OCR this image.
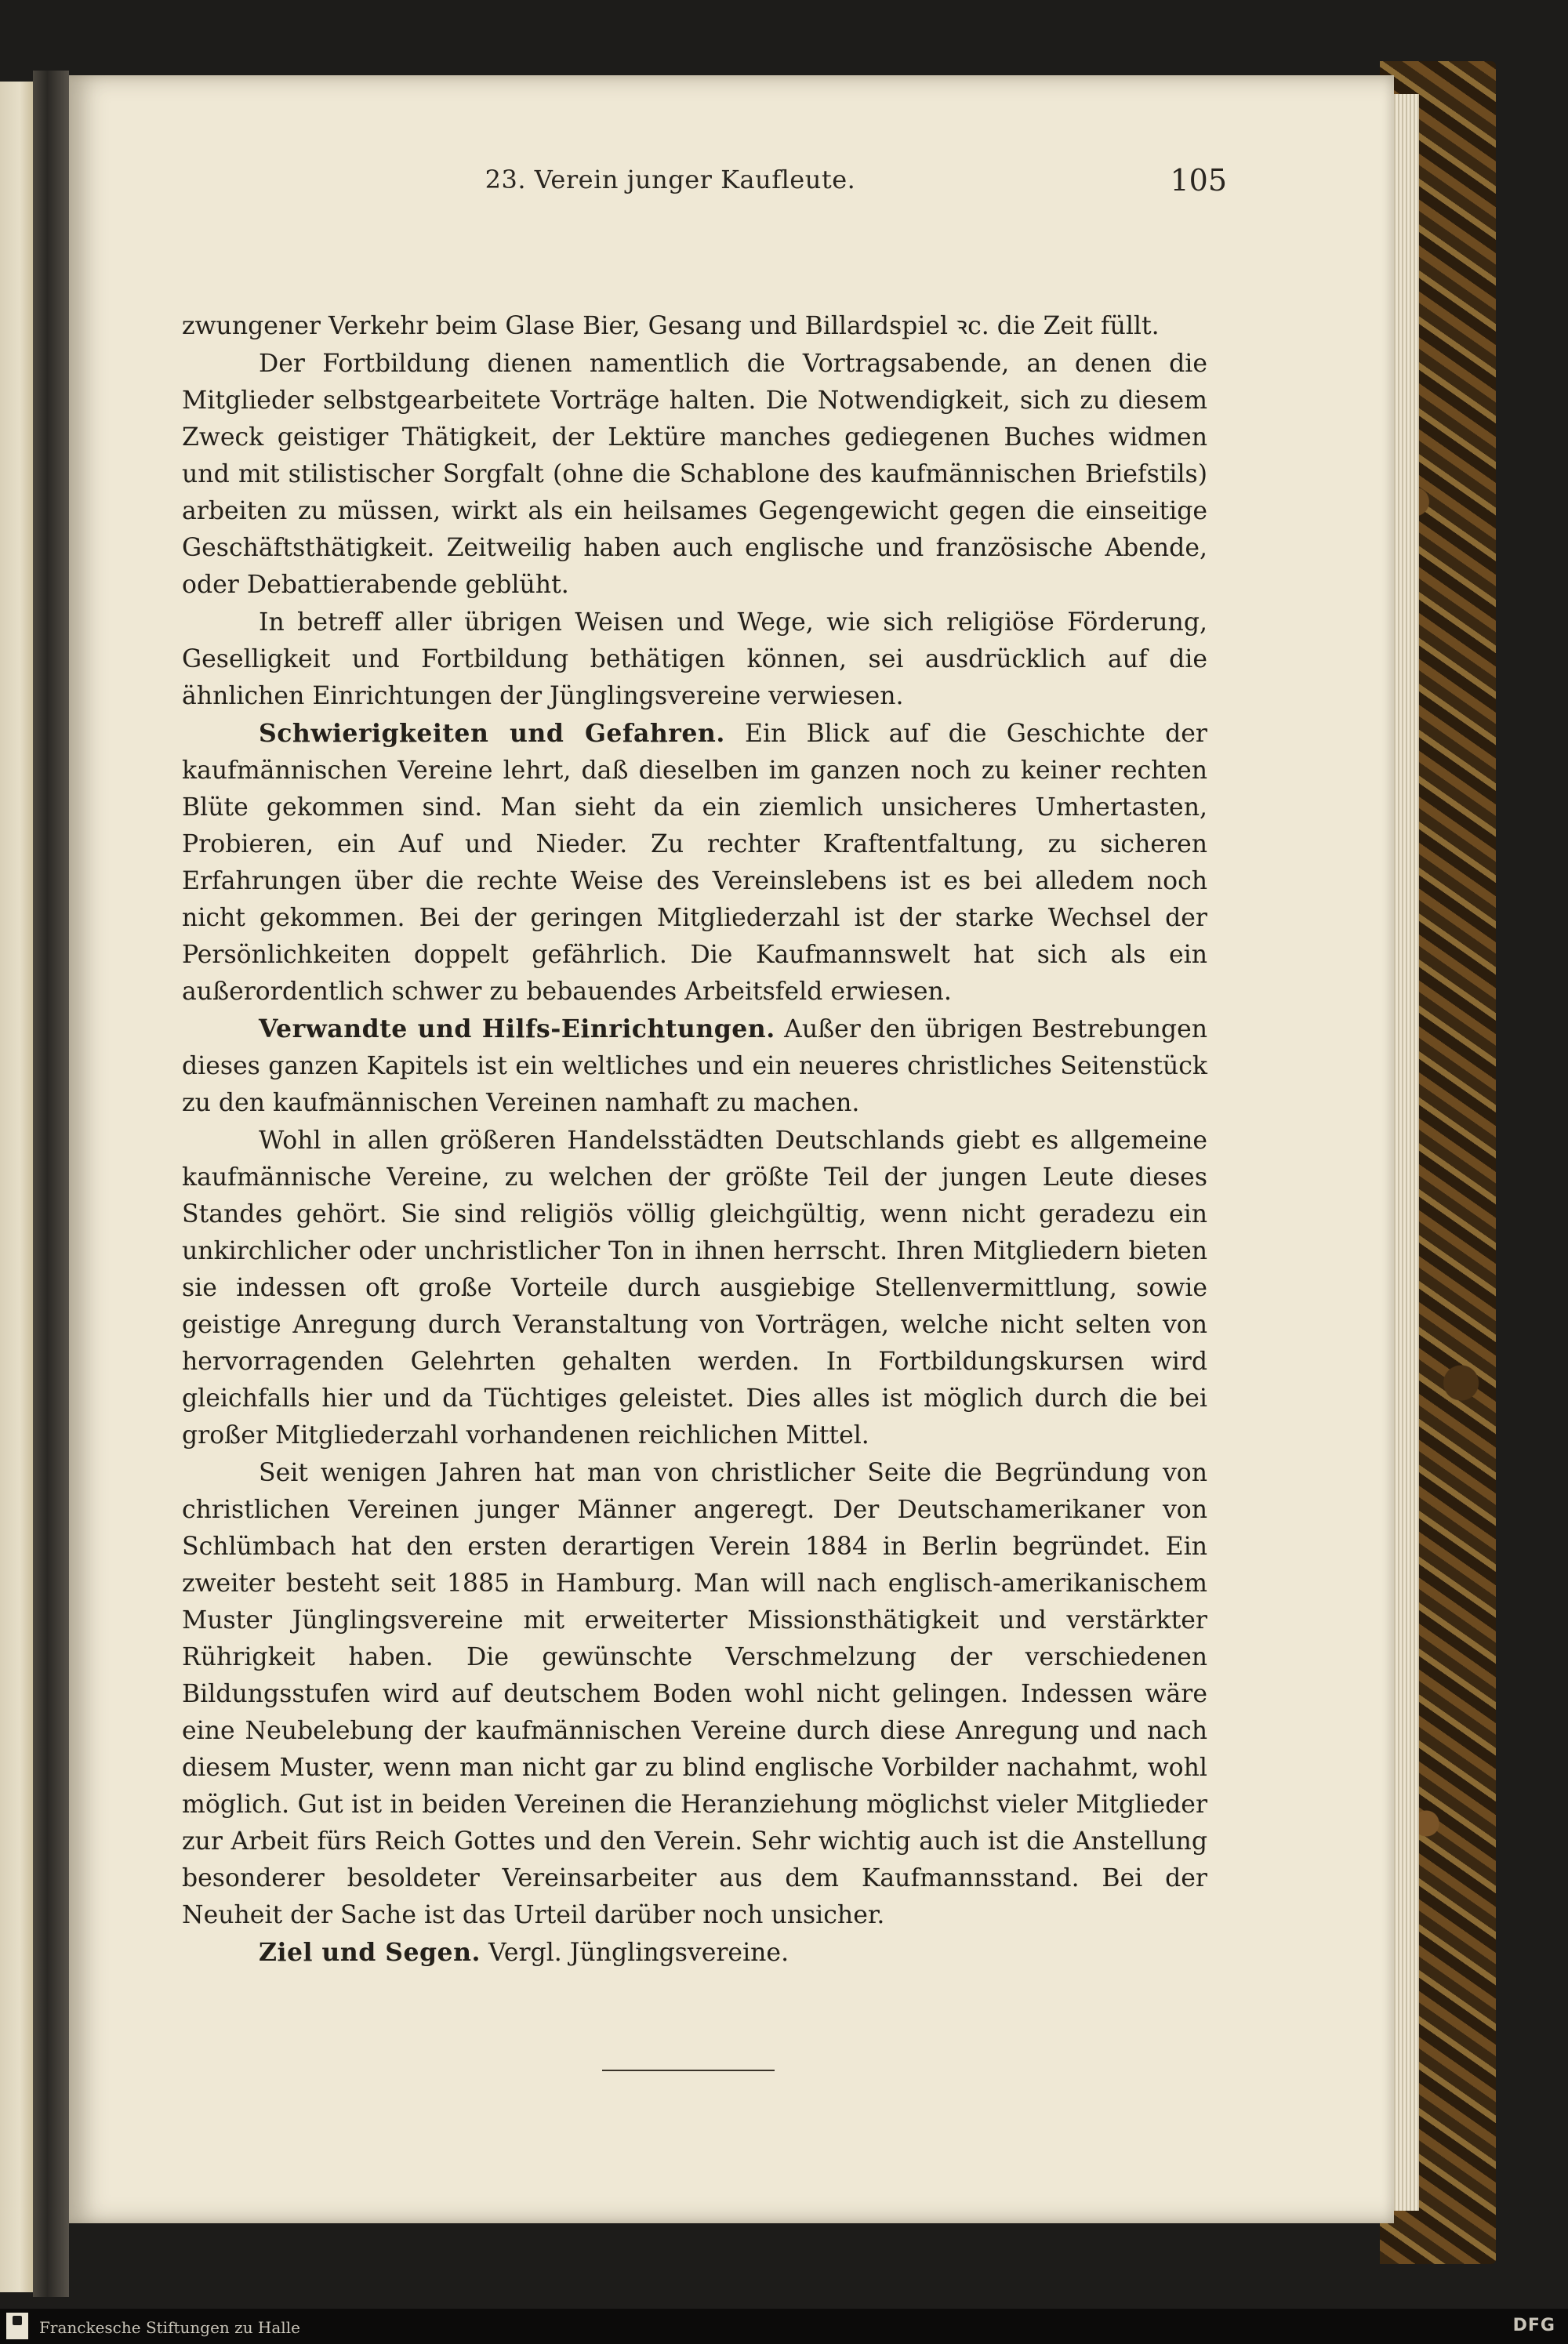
23. Verein junger Kaufleute.	105

zwungener Verkehr beim Glase Bier, Gesang und Billardspiel ꝛc. die Zeit füllt.

Der Fortbildung dienen namentlich die Vortragsabende, an denen die Mitglieder selbstgearbeitete Vorträge halten. Die Notwendigkeit, sich zu diesem Zweck geistiger Thätigkeit, der Lektüre manches gediegenen Buches widmen und mit stilistischer Sorgfalt (ohne die Schablone des kaufmännischen Briefstils) arbeiten zu müssen, wirkt als ein heilsames Gegengewicht gegen die einseitige Geschäftsthätigkeit. Zeitweilig haben auch englische und französische Abende, oder Debattierabende geblüht.

In betreff aller übrigen Weisen und Wege, wie sich religiöse Förderung, Geselligkeit und Fortbildung bethätigen können, sei ausdrücklich auf die ähnlichen Einrichtungen der Jünglingsvereine verwiesen.

Schwierigkeiten und Gefahren. Ein Blick auf die Geschichte der kaufmännischen Vereine lehrt, daß dieselben im ganzen noch zu keiner rechten Blüte gekommen sind. Man sieht da ein ziemlich unsicheres Umhertasten, Probieren, ein Auf und Nieder. Zu rechter Kraftentfaltung, zu sicheren Erfahrungen über die rechte Weise des Vereinslebens ist es bei alledem noch nicht gekommen. Bei der geringen Mitgliederzahl ist der starke Wechsel der Persönlichkeiten doppelt gefährlich. Die Kaufmannswelt hat sich als ein außerordentlich schwer zu bebauendes Arbeitsfeld erwiesen.

Verwandte und Hilfs-Einrichtungen. Außer den übrigen Bestrebungen dieses ganzen Kapitels ist ein weltliches und ein neueres christliches Seitenstück zu den kaufmännischen Vereinen namhaft zu machen.

Wohl in allen größeren Handelsstädten Deutschlands giebt es allgemeine kaufmännische Vereine, zu welchen der größte Teil der jungen Leute dieses Standes gehört. Sie sind religiös völlig gleichgültig, wenn nicht geradezu ein unkirchlicher oder unchristlicher Ton in ihnen herrscht. Ihren Mitgliedern bieten sie indessen oft große Vorteile durch ausgiebige Stellenvermittlung, sowie geistige Anregung durch Veranstaltung von Vorträgen, welche nicht selten von hervorragenden Gelehrten gehalten werden. In Fortbildungskursen wird gleichfalls hier und da Tüchtiges geleistet. Dies alles ist möglich durch die bei großer Mitgliederzahl vorhandenen reichlichen Mittel.

Seit wenigen Jahren hat man von christlicher Seite die Begründung von christlichen Vereinen junger Männer angeregt. Der Deutschamerikaner von Schlümbach hat den ersten derartigen Verein 1884 in Berlin begründet. Ein zweiter besteht seit 1885 in Hamburg. Man will nach englisch-amerikanischem Muster Jünglingsvereine mit erweiterter Missionsthätigkeit und verstärkter Rührigkeit haben. Die gewünschte Verschmelzung der verschiedenen Bildungsstufen wird auf deutschem Boden wohl nicht gelingen. Indessen wäre eine Neubelebung der kaufmännischen Vereine durch diese Anregung und nach diesem Muster, wenn man nicht gar zu blind englische Vorbilder nachahmt, wohl möglich. Gut ist in beiden Vereinen die Heranziehung möglichst vieler Mitglieder zur Arbeit fürs Reich Gottes und den Verein. Sehr wichtig auch ist die Anstellung besonderer besoldeter Vereinsarbeiter aus dem Kaufmannsstand. Bei der Neuheit der Sache ist das Urteil darüber noch unsicher.

Ziel und Segen. Vergl. Jünglingsvereine.

Franckesche Stiftungen zu Halle	DFG
